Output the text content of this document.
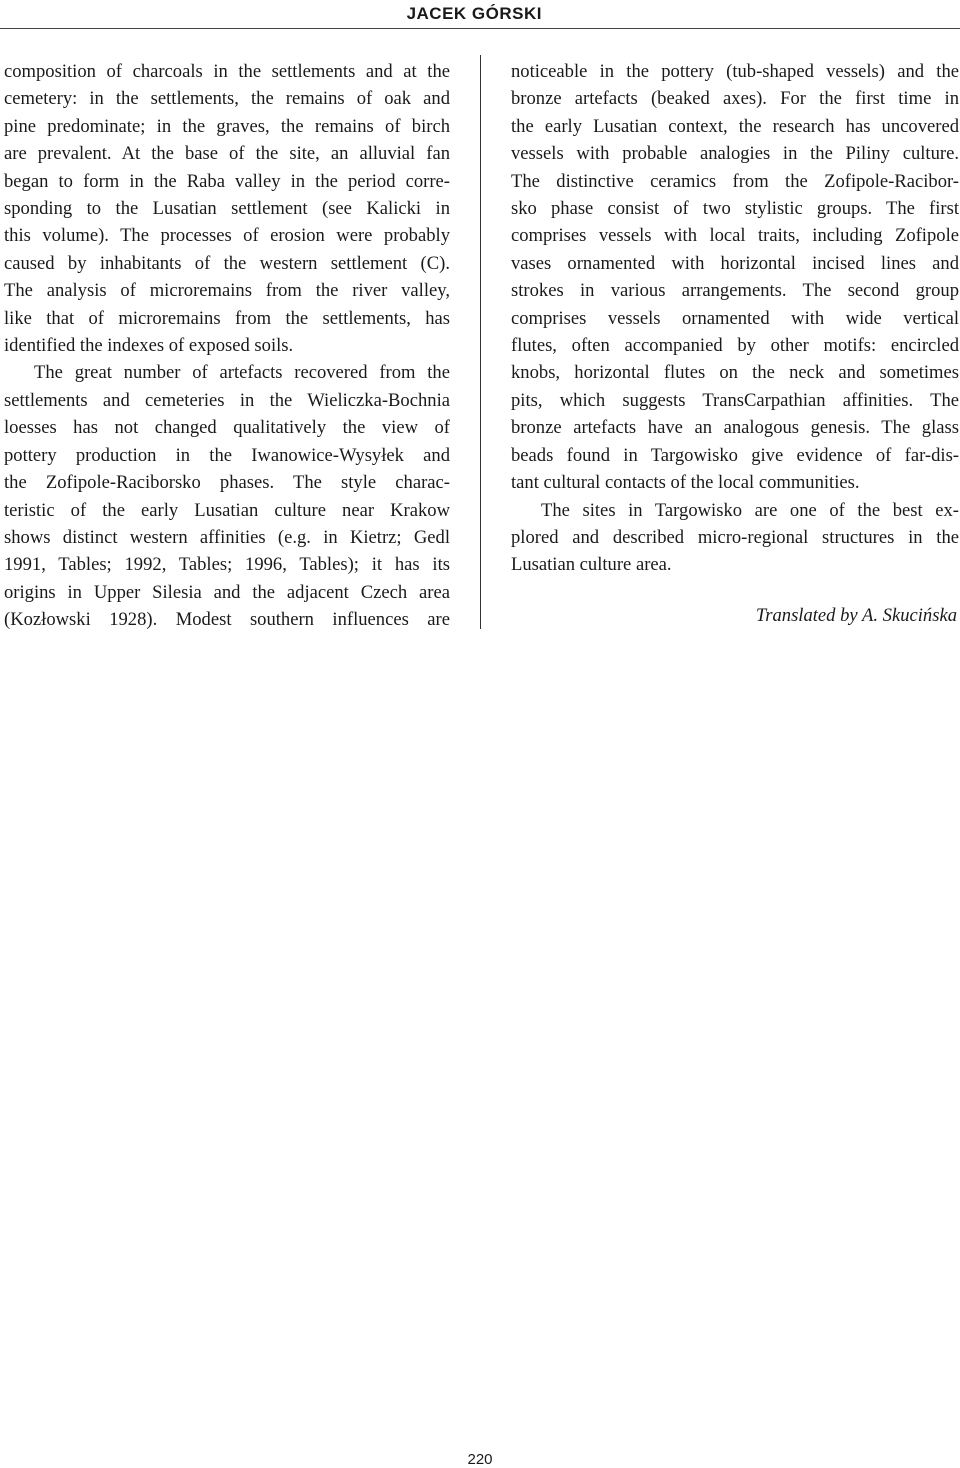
JACEK GÓRSKI
composition of charcoals in the settlements and at the
cemetery: in the settlements, the remains of oak and
pine predominate; in the graves, the remains of birch
are prevalent. At the base of the site, an alluvial fan
began to form in the Raba valley in the period corre-
sponding to the Lusatian settlement (see Kalicki in
this volume). The processes of erosion were probably
caused by inhabitants of the western settlement (C).
The analysis of microremains from the river valley,
like that of microremains from the settlements, has
identified the indexes of exposed soils.
The great number of artefacts recovered from the
settlements and cemeteries in the Wieliczka-Bochnia
loesses has not changed qualitatively the view of
pottery production in the Iwanowice-Wysyłek and
the Zofipole-Raciborsko phases. The style charac-
teristic of the early Lusatian culture near Krakow
shows distinct western affinities (e.g. in Kietrz; Gedl
1991, Tables; 1992, Tables; 1996, Tables); it has its
origins in Upper Silesia and the adjacent Czech area
(Kozłowski 1928). Modest southern influences are
noticeable in the pottery (tub-shaped vessels) and the
bronze artefacts (beaked axes). For the first time in
the early Lusatian context, the research has uncovered
vessels with probable analogies in the Piliny culture.
The distinctive ceramics from the Zofipole-Racibor-
sko phase consist of two stylistic groups. The first
comprises vessels with local traits, including Zofipole
vases ornamented with horizontal incised lines and
strokes in various arrangements. The second group
comprises vessels ornamented with wide vertical
flutes, often accompanied by other motifs: encircled
knobs, horizontal flutes on the neck and sometimes
pits, which suggests TransCarpathian affinities. The
bronze artefacts have an analogous genesis. The glass
beads found in Targowisko give evidence of far-dis-
tant cultural contacts of the local communities.
The sites in Targowisko are one of the best ex-
plored and described micro-regional structures in the
Lusatian culture area.
Translated by A. Skucińska
220
